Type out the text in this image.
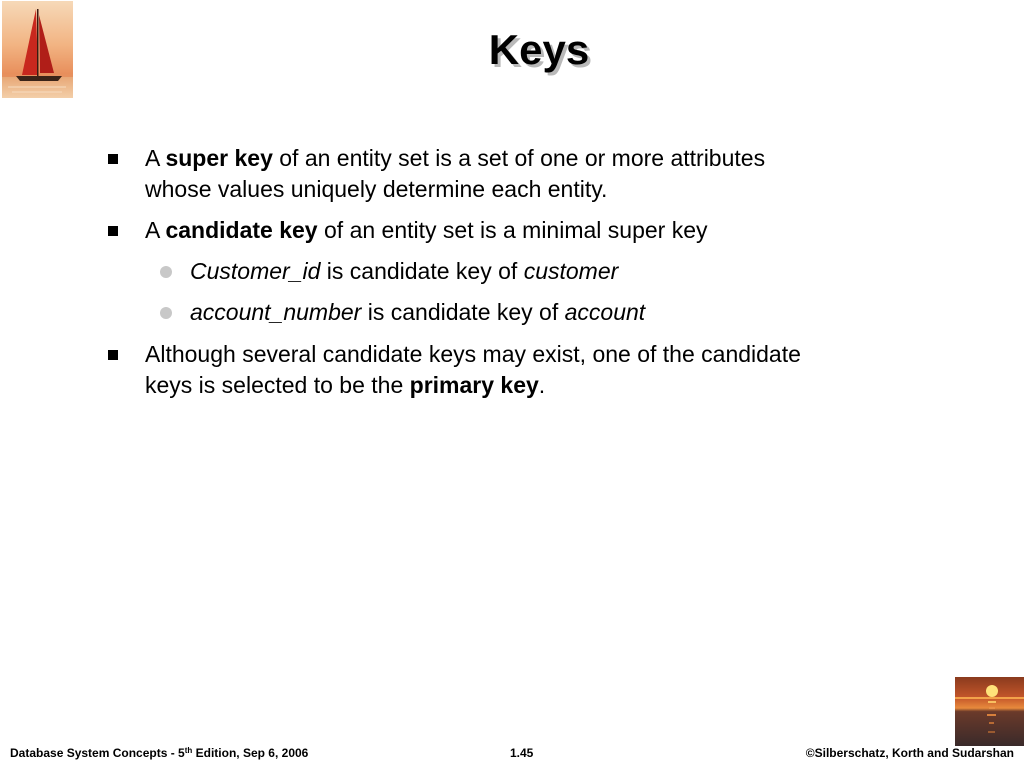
Keys
A super key of an entity set is a set of one or more attributes
whose values uniquely determine each entity.
A candidate key of an entity set is a minimal super key
Customer_id is candidate key of customer
account_number is candidate key of account
Although several candidate keys may exist, one of the candidate
keys is selected to be the primary key.
Database System Concepts - 5th Edition, Sep 6, 2006	1.45	©Silberschatz, Korth and Sudarshan
